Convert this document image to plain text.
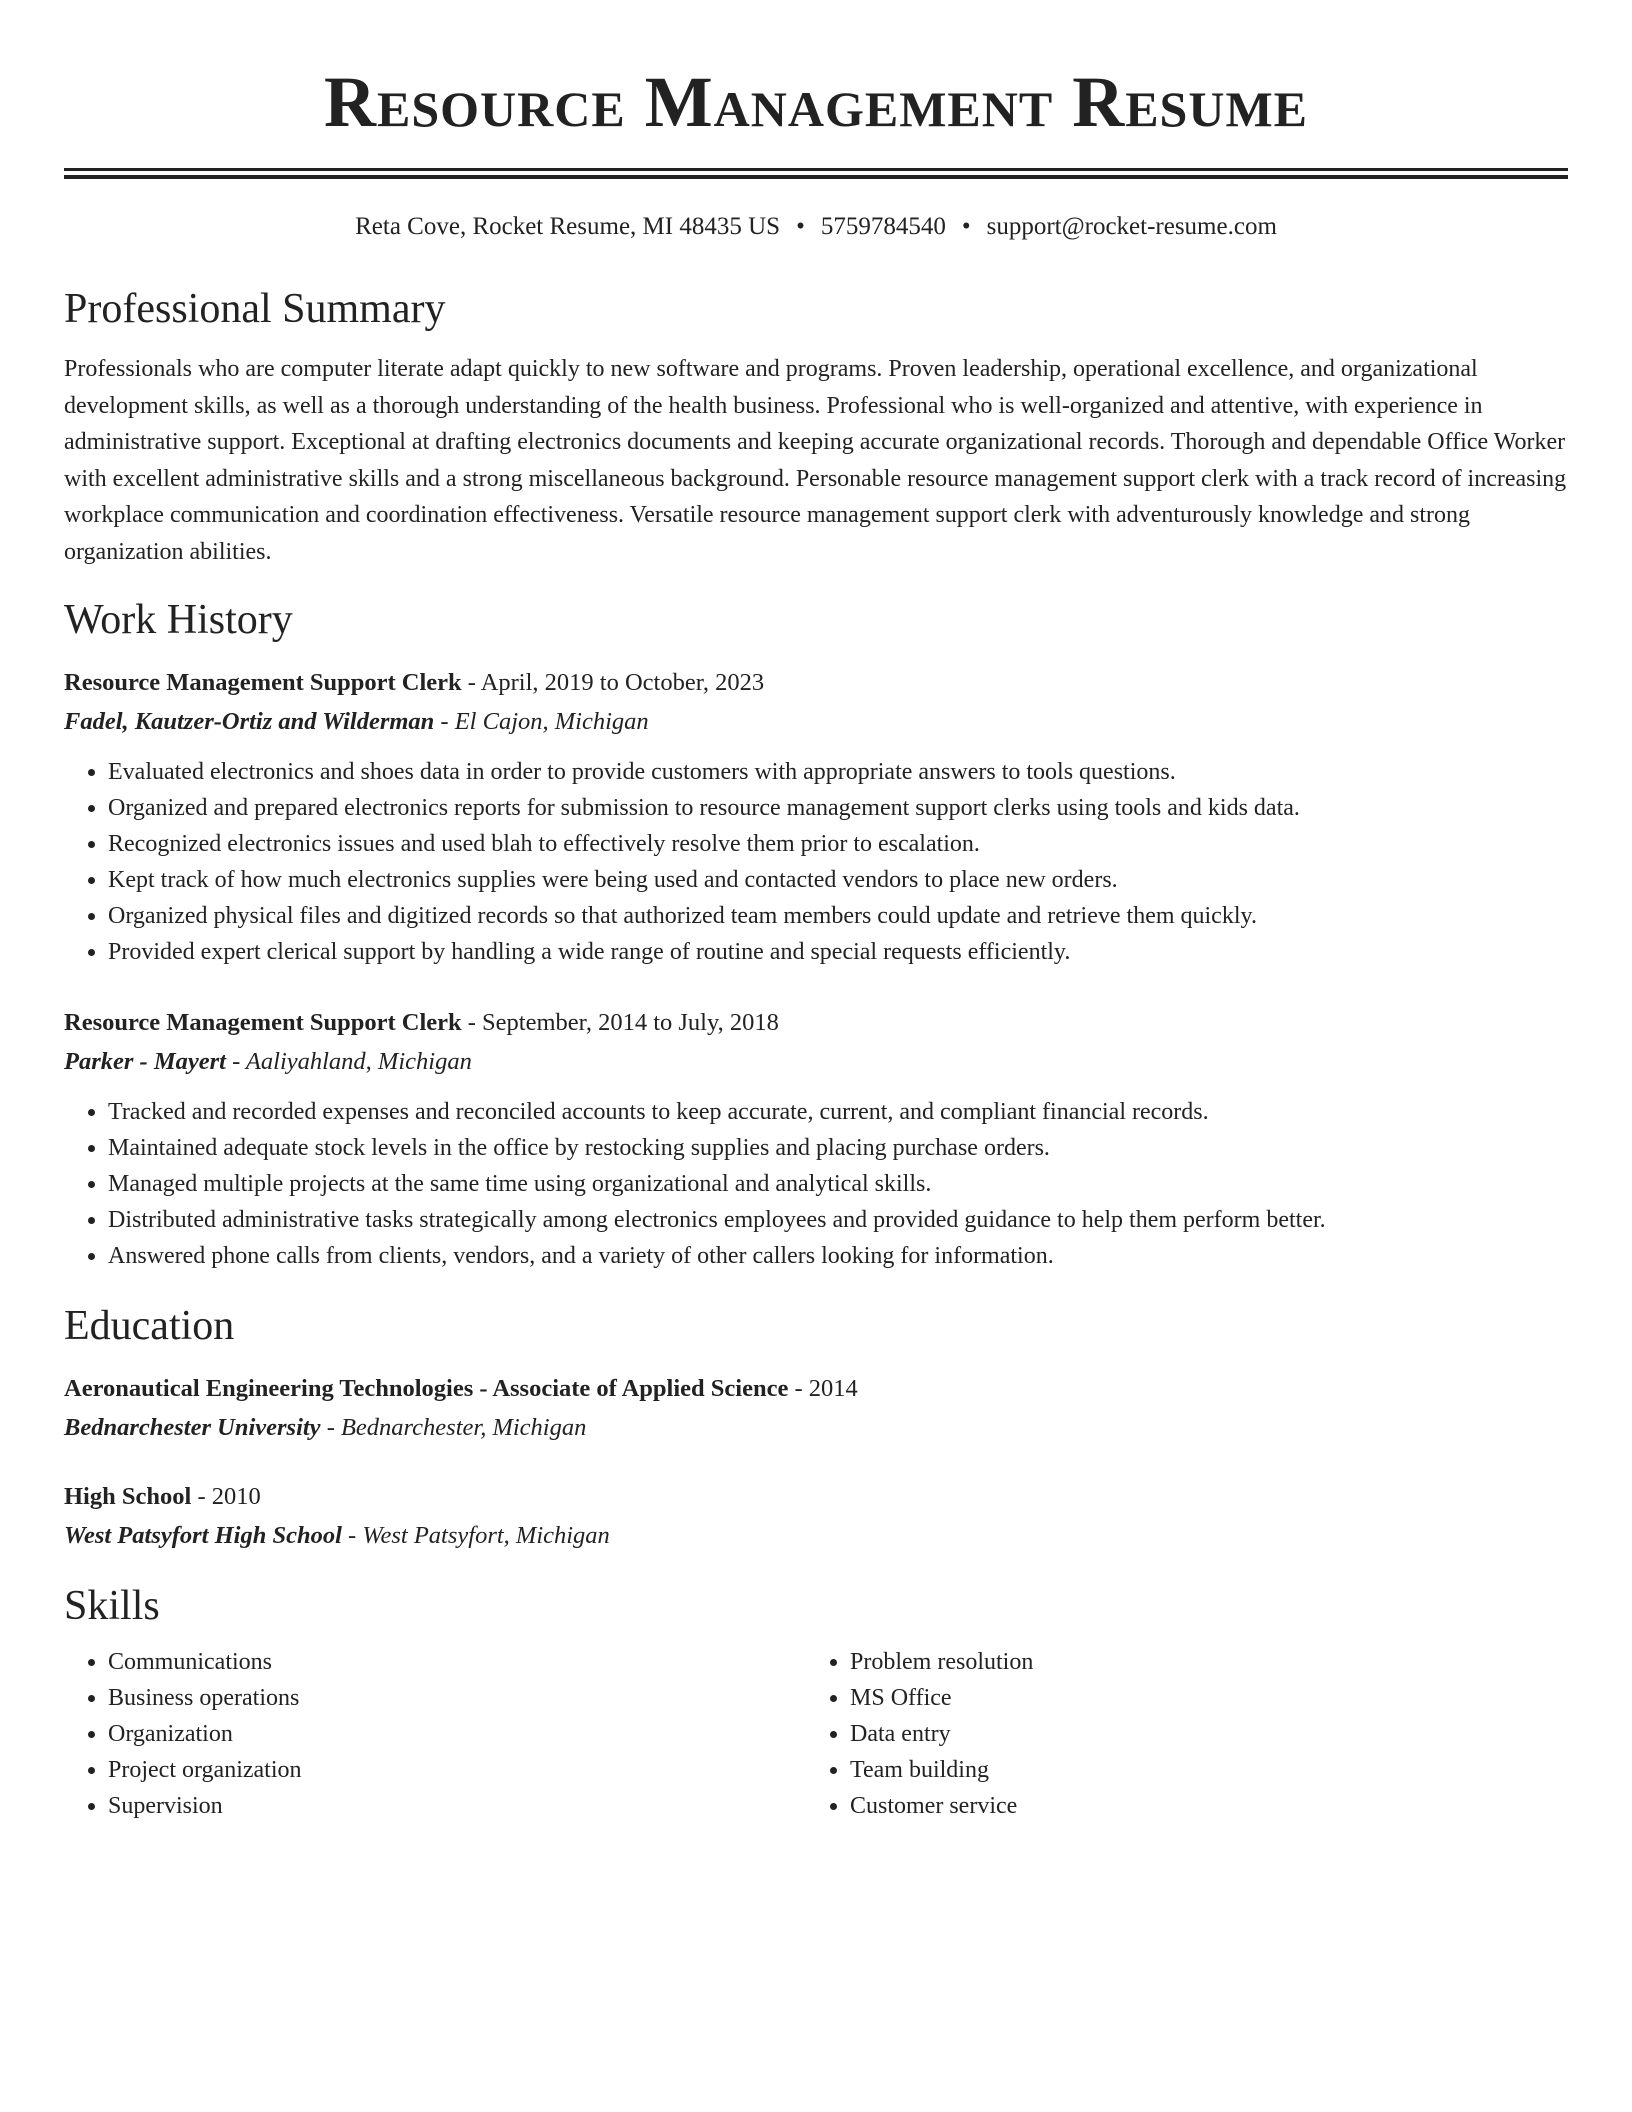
Resource Management Resume
Reta Cove, Rocket Resume, MI 48435 US • 5759784540 • support@rocket-resume.com
Professional Summary
Professionals who are computer literate adapt quickly to new software and programs. Proven leadership, operational excellence, and organizational development skills, as well as a thorough understanding of the health business. Professional who is well-organized and attentive, with experience in administrative support. Exceptional at drafting electronics documents and keeping accurate organizational records. Thorough and dependable Office Worker with excellent administrative skills and a strong miscellaneous background. Personable resource management support clerk with a track record of increasing workplace communication and coordination effectiveness. Versatile resource management support clerk with adventurously knowledge and strong organization abilities.
Work History
Resource Management Support Clerk - April, 2019 to October, 2023
Fadel, Kautzer-Ortiz and Wilderman - El Cajon, Michigan
• Evaluated electronics and shoes data in order to provide customers with appropriate answers to tools questions.
• Organized and prepared electronics reports for submission to resource management support clerks using tools and kids data.
• Recognized electronics issues and used blah to effectively resolve them prior to escalation.
• Kept track of how much electronics supplies were being used and contacted vendors to place new orders.
• Organized physical files and digitized records so that authorized team members could update and retrieve them quickly.
• Provided expert clerical support by handling a wide range of routine and special requests efficiently.
Resource Management Support Clerk - September, 2014 to July, 2018
Parker - Mayert - Aaliyahland, Michigan
• Tracked and recorded expenses and reconciled accounts to keep accurate, current, and compliant financial records.
• Maintained adequate stock levels in the office by restocking supplies and placing purchase orders.
• Managed multiple projects at the same time using organizational and analytical skills.
• Distributed administrative tasks strategically among electronics employees and provided guidance to help them perform better.
• Answered phone calls from clients, vendors, and a variety of other callers looking for information.
Education
Aeronautical Engineering Technologies - Associate of Applied Science - 2014
Bednarchester University - Bednarchester, Michigan
High School - 2010
West Patsyfort High School - West Patsyfort, Michigan
Skills
• Communications
• Business operations
• Organization
• Project organization
• Supervision
• Problem resolution
• MS Office
• Data entry
• Team building
• Customer service
